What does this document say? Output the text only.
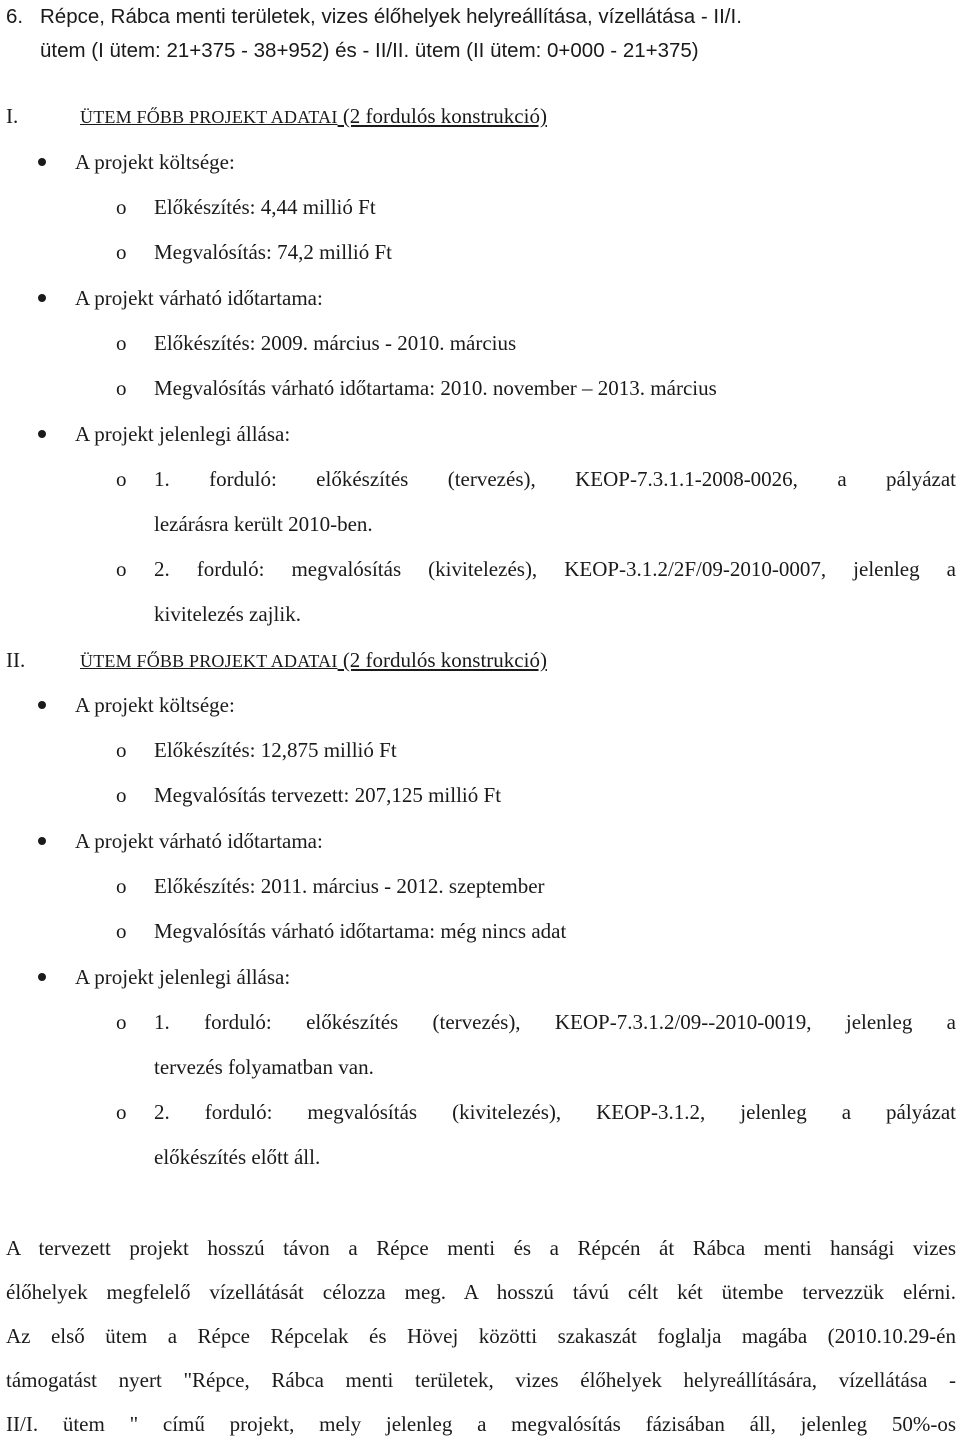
6. Répce, Rábca menti területek, vizes élőhelyek helyreállítása, vízellátása - II/I.
ütem (I ütem: 21+375 - 38+952) és - II/II. ütem (II ütem: 0+000 - 21+375)
I.	ÜTEM FŐBB PROJEKT ADATAI (2 fordulós konstrukció)
A projekt költsége:
o Előkészítés: 4,44 millió Ft
o Megvalósítás: 74,2 millió Ft
A projekt várható időtartama:
o Előkészítés: 2009. március - 2010. március
o Megvalósítás várható időtartama: 2010. november – 2013. március
A projekt jelenlegi állása:
o 1. forduló: előkészítés (tervezés), KEOP-7.3.1.1-2008-0026, a pályázat
lezárásra került 2010-ben.
o 2. forduló: megvalósítás (kivitelezés), KEOP-3.1.2/2F/09-2010-0007, jelenleg a
kivitelezés zajlik.
II.	ÜTEM FŐBB PROJEKT ADATAI (2 fordulós konstrukció)
A projekt költsége:
o Előkészítés: 12,875 millió Ft
o Megvalósítás tervezett: 207,125 millió Ft
A projekt várható időtartama:
o Előkészítés: 2011. március - 2012. szeptember
o Megvalósítás várható időtartama: még nincs adat
A projekt jelenlegi állása:
o 1. forduló: előkészítés (tervezés), KEOP-7.3.1.2/09--2010-0019, jelenleg a
tervezés folyamatban van.
o 2. forduló: megvalósítás (kivitelezés), KEOP-3.1.2, jelenleg a pályázat
előkészítés előtt áll.
A tervezett projekt hosszú távon a Répce menti és a Répcén át Rábca menti hansági vizes
élőhelyek megfelelő vízellátását célozza meg. A hosszú távú célt két ütembe tervezzük elérni.
Az első ütem a Répce Répcelak és Hövej közötti szakaszát foglalja magába (2010.10.29-én
támogatást nyert "Répce, Rábca menti területek, vizes élőhelyek helyreállítására, vízellátása -
II/I. ütem " című projekt, mely jelenleg a megvalósítás fázisában áll, jelenleg 50%-os
